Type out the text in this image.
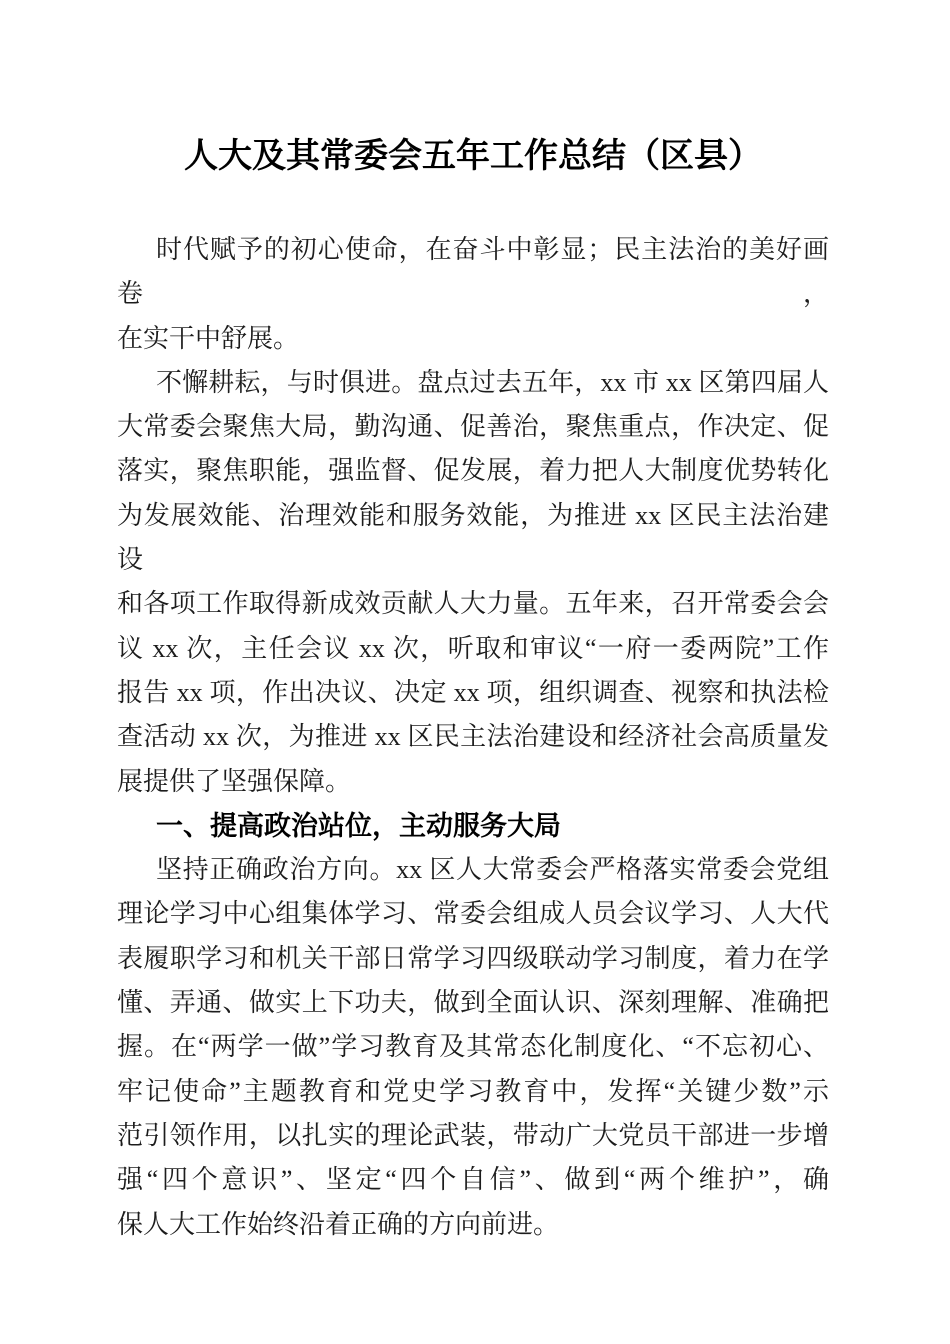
人大及其常委会五年工作总结（区县）
时代赋予的初心使命，在奋斗中彰显；民主法治的美好画卷，
在实干中舒展。
不懈耕耘，与时俱进。盘点过去五年，xx 市 xx 区第四届人
大常委会聚焦大局，勤沟通、促善治，聚焦重点，作决定、促
落实，聚焦职能，强监督、促发展，着力把人大制度优势转化
为发展效能、治理效能和服务效能，为推进 xx 区民主法治建设
和各项工作取得新成效贡献人大力量。五年来，召开常委会会
议 xx 次，主任会议 xx 次，听取和审议“一府一委两院”工作
报告 xx 项，作出决议、决定 xx 项，组织调查、视察和执法检
查活动 xx 次，为推进 xx 区民主法治建设和经济社会高质量发
展提供了坚强保障。
一、提高政治站位，主动服务大局
坚持正确政治方向。xx 区人大常委会严格落实常委会党组
理论学习中心组集体学习、常委会组成人员会议学习、人大代
表履职学习和机关干部日常学习四级联动学习制度，着力在学
懂、弄通、做实上下功夫，做到全面认识、深刻理解、准确把
握。在“两学一做”学习教育及其常态化制度化、“不忘初心、
牢记使命”主题教育和党史学习教育中，发挥“关键少数”示
范引领作用，以扎实的理论武装，带动广大党员干部进一步增
强“四个意识”、坚定“四个自信”、做到“两个维护”，确
保人大工作始终沿着正确的方向前进。
